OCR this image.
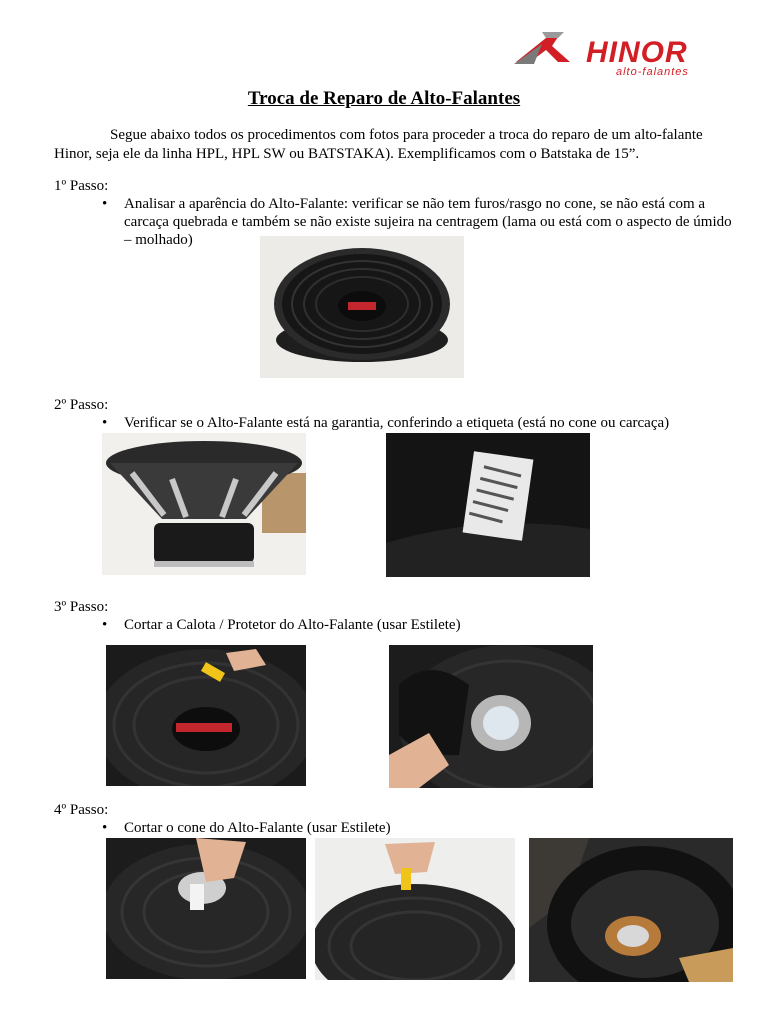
HINOR
alto-falantes
Troca de Reparo de Alto-Falantes
Segue abaixo todos os procedimentos com fotos para proceder a troca do reparo de um alto-falante Hinor, seja ele da linha HPL, HPL SW ou BATSTAKA). Exemplificamos com o Batstaka de 15”.
1º Passo:
•	Analisar a aparência do Alto-Falante: verificar se não tem furos/rasgo no cone, se não está com a carcaça quebrada e também se não existe sujeira na centragem (lama ou está com o aspecto de úmido – molhado)
2º Passo:
•	Verificar se o Alto-Falante está na garantia, conferindo a etiqueta (está no cone ou carcaça)
3º Passo:
•	Cortar a Calota / Protetor do Alto-Falante (usar Estilete)
4º Passo:
•	Cortar o cone do Alto-Falante (usar Estilete)
